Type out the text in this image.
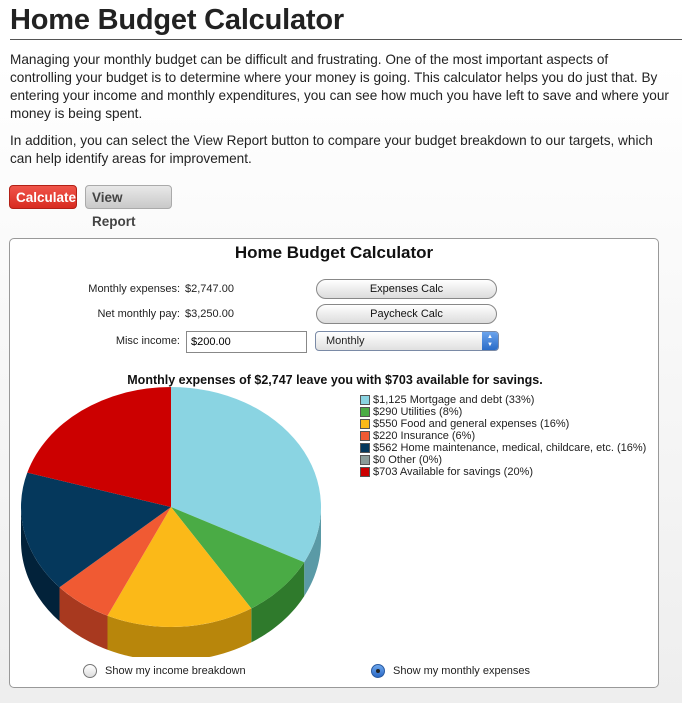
Home Budget Calculator

Managing your monthly budget can be difficult and frustrating. One of the most important aspects of controlling your budget is to determine where your money is going. This calculator helps you do just that. By entering your income and monthly expenditures, you can see how much you have left to save and where your money is being spent.

In addition, you can select the View Report button to compare your budget breakdown to our targets, which can help identify areas for improvement.

Calculate	View Report
Home Budget Calculator
Monthly expenses: $2,747.00	Expenses Calc
Net monthly pay: $3,250.00	Paycheck Calc
Misc income:
$200.00	Monthly	▲
▼
Monthly expenses of $2,747 leave you with $703 available for savings.
$1,125 Mortgage and debt (33%)
$290 Utilities (8%)
$550 Food and general expenses (16%)
$220 Insurance (6%)
$562 Home maintenance, medical, childcare, etc. (16%)
$0 Other (0%)
$703 Available for savings (20%)
Show my income breakdown	Show my monthly expenses
